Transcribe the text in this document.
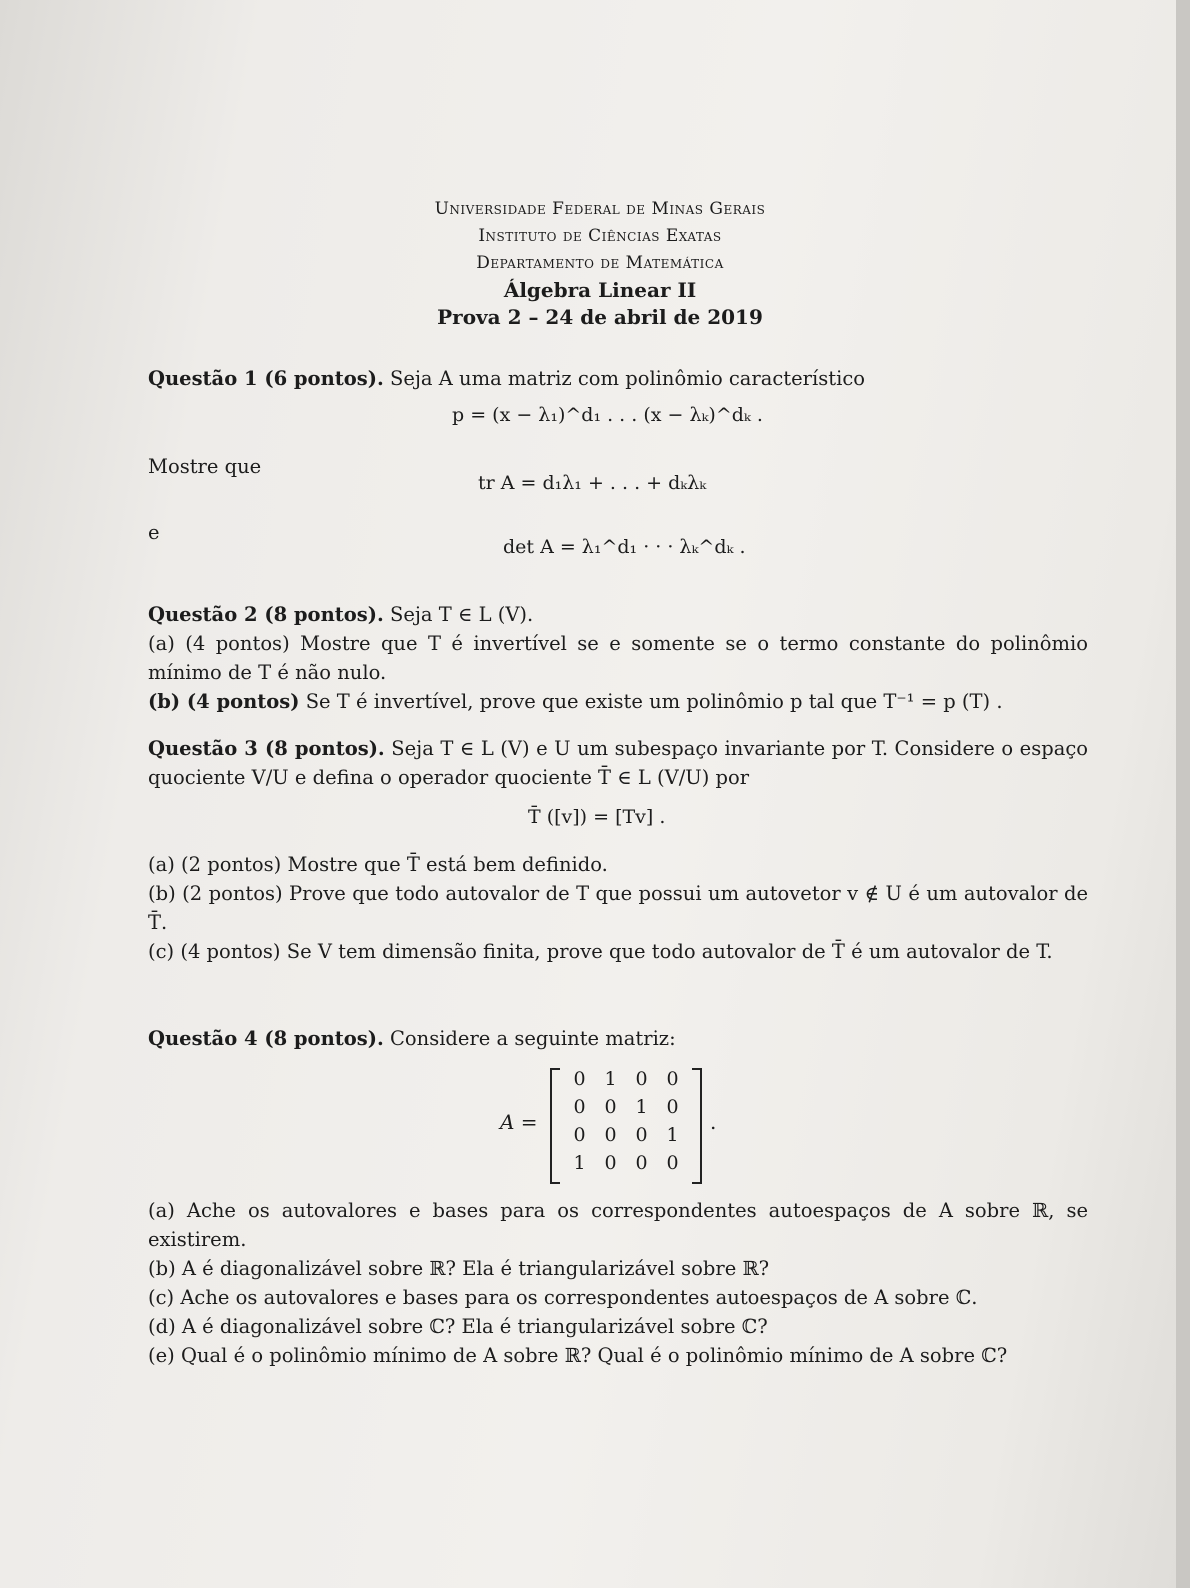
Universidade Federal de Minas Gerais
Instituto de Ciências Exatas
Departamento de Matemática
Álgebra Linear II
Prova 2 – 24 de abril de 2019
Questão 1 (6 pontos). Seja A uma matriz com polinômio característico
p = (x − λ₁)^d₁ . . . (x − λₖ)^dₖ .
Mostre que
tr A = d₁λ₁ + . . . + dₖλₖ
e
det A = λ₁^d₁ · · · λₖ^dₖ .
Questão 2 (8 pontos). Seja T ∈ L (V).
(a) (4 pontos) Mostre que T é invertível se e somente se o termo constante do polinômio mínimo de T é não nulo.
(b) (4 pontos) Se T é invertível, prove que existe um polinômio p tal que T⁻¹ = p (T) .
Questão 3 (8 pontos). Seja T ∈ L (V) e U um subespaço invariante por T. Considere o espaço quociente V/U e defina o operador quociente T̄ ∈ L (V/U) por
T̄ ([v]) = [Tv] .
(a) (2 pontos) Mostre que T̄ está bem definido.
(b) (2 pontos) Prove que todo autovalor de T que possui um autovetor v ∉ U é um autovalor de T̄.
(c) (4 pontos) Se V tem dimensão finita, prove que todo autovalor de T̄ é um autovalor de T.
Questão 4 (8 pontos). Considere a seguinte matriz:
A =
0 1 0 0
0 0 1 0
0 0 0 1
1 0 0 0
.
(a) Ache os autovalores e bases para os correspondentes autoespaços de A sobre ℝ, se existirem.
(b) A é diagonalizável sobre ℝ? Ela é triangularizável sobre ℝ?
(c) Ache os autovalores e bases para os correspondentes autoespaços de A sobre ℂ.
(d) A é diagonalizável sobre ℂ? Ela é triangularizável sobre ℂ?
(e) Qual é o polinômio mínimo de A sobre ℝ? Qual é o polinômio mínimo de A sobre ℂ?
